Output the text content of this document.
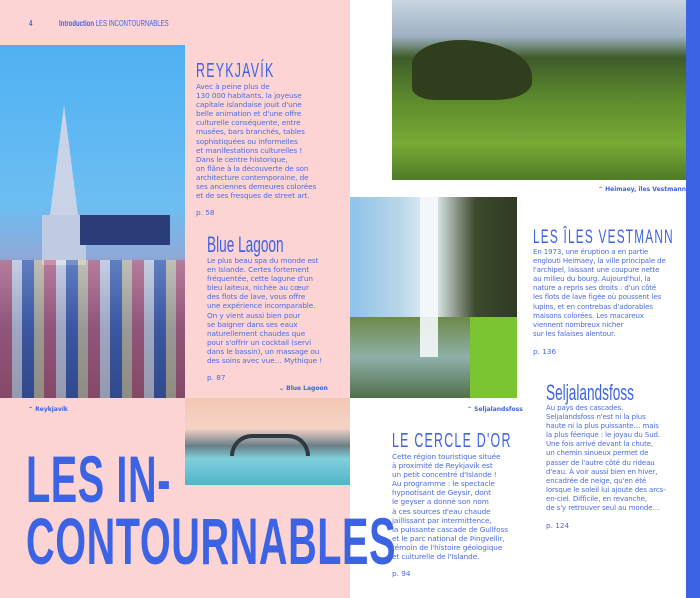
4	Introduction LES INCONTOURNABLES
⌃ Reykjavík
⌄ Blue Lagoon
⌃ Heimaey, îles Vestmann
⌃ Seljalandsfoss
REYKJAVÍK
Avec à peine plus de
130 000 habitants, la joyeuse
capitale islandaise jouit d'une
belle animation et d'une offre
culturelle conséquente, entre
musées, bars branchés, tables
sophistiquées ou informelles
et manifestations culturelles !
Dans le centre historique,
on flâne à la découverte de son
architecture contemporaine, de
ses anciennes demeures colorées
et de ses fresques de street art.
p. 58
Blue Lagoon
Le plus beau spa du monde est
en Islande. Certes fortement
fréquentée, cette lagune d'un
bleu laiteux, nichée au cœur
des flots de lave, vous offre
une expérience incomparable.
On y vient aussi bien pour
se baigner dans ses eaux
naturellement chaudes que
pour s'offrir un cocktail (servi
dans le bassin), un massage ou
des soins avec vue… Mythique !
p. 87
LES ÎLES VESTMANN
En 1973, une éruption a en partie
englouti Heimaey, la ville principale de
l'archipel, laissant une coupure nette
au milieu du bourg. Aujourd'hui, la
nature a repris ses droits : d'un côté
les flots de lave figée où poussent les
lupins, et en contrebas d'adorables
maisons colorées. Les macareux
viennent nombreux nicher
sur les falaises alentour.
p. 136
LE CERCLE D'OR
Cette région touristique située
à proximité de Reykjavík est
un petit concentré d'Islande !
Au programme : le spectacle
hypnotisant de Geysir, dont
le geyser a donné son nom
à ces sources d'eau chaude
jaillissant par intermittence,
la puissante cascade de Gullfoss
et le parc national de Þingvellir,
témoin de l'histoire géologique
et culturelle de l'Islande.
p. 94
Seljalandsfoss
Au pays des cascades,
Seljalandsfoss n'est ni la plus
haute ni la plus puissante… mais
la plus féerique : le joyau du Sud.
Une fois arrivé devant la chute,
un chemin sinueux permet de
passer de l'autre côté du rideau
d'eau. À voir aussi bien en hiver,
encadrée de neige, qu'en été
lorsque le soleil lui ajoute des arcs-
en-ciel. Difficile, en revanche,
de s'y retrouver seul au monde…
p. 124
LES IN-
CONTOURNABLES
